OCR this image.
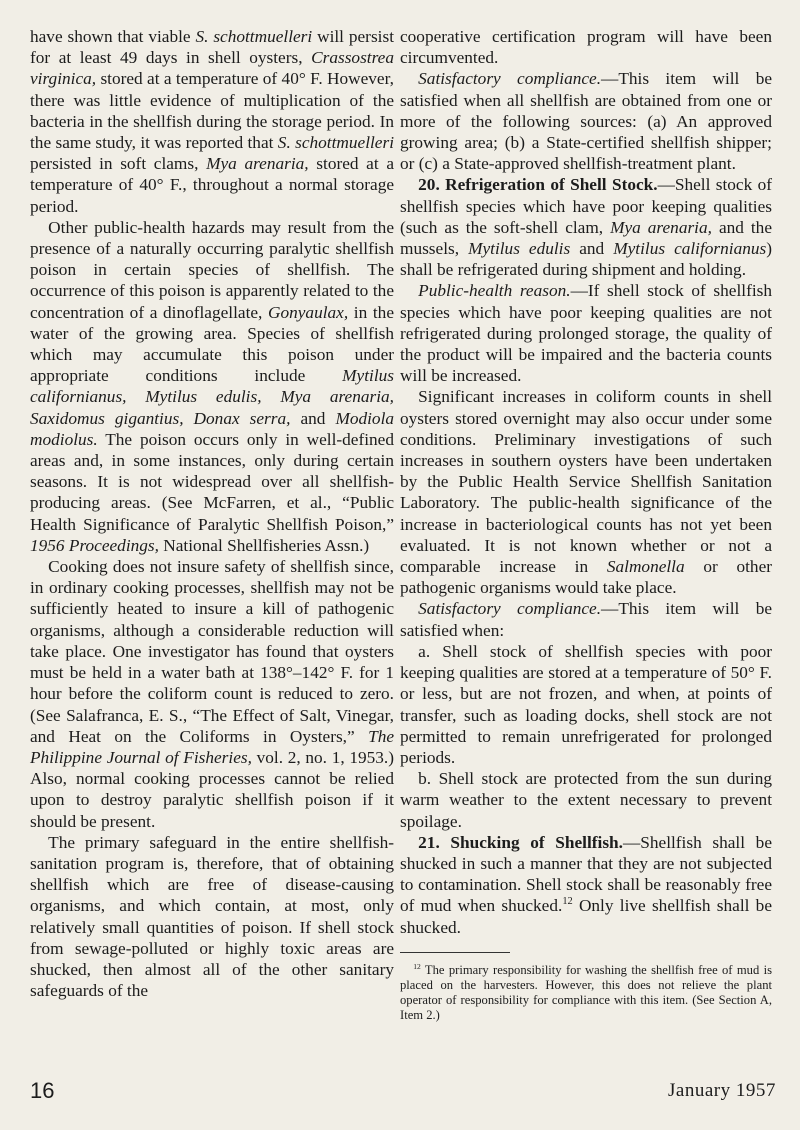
have shown that viable S. schottmuelleri will persist for at least 49 days in shell oysters, Crassostrea virginica, stored at a temperature of 40° F. However, there was little evidence of multiplication of the bacteria in the shellfish during the storage period. In the same study, it was reported that S. schottmuelleri persisted in soft clams, Mya arenaria, stored at a temperature of 40° F., throughout a normal storage period.

Other public-health hazards may result from the presence of a naturally occurring paralytic shellfish poison in certain species of shellfish. The occurrence of this poison is apparently related to the concentration of a dinoflagellate, Gonyaulax, in the water of the growing area. Species of shellfish which may accumulate this poison under appropriate conditions include Mytilus californianus, Mytilus edulis, Mya arenaria, Saxidomus gigantius, Donax serra, and Modiola modiolus. The poison occurs only in well-defined areas and, in some instances, only during certain seasons. It is not widespread over all shellfish-producing areas. (See McFarren, et al., “Public Health Significance of Paralytic Shellfish Poison,” 1956 Proceedings, National Shellfisheries Assn.)

Cooking does not insure safety of shellfish since, in ordinary cooking processes, shellfish may not be sufficiently heated to insure a kill of pathogenic organisms, although a considerable reduction will take place. One investigator has found that oysters must be held in a water bath at 138°–142° F. for 1 hour before the coliform count is reduced to zero. (See Salafranca, E. S., “The Effect of Salt, Vinegar, and Heat on the Coliforms in Oysters,” The Philippine Journal of Fisheries, vol. 2, no. 1, 1953.) Also, normal cooking processes cannot be relied upon to destroy paralytic shellfish poison if it should be present.

The primary safeguard in the entire shellfish-sanitation program is, therefore, that of obtaining shellfish which are free of disease-causing organisms, and which contain, at most, only relatively small quantities of poison. If shell stock from sewage-polluted or highly toxic areas are shucked, then almost all of the other sanitary safeguards of the

cooperative certification program will have been circumvented.

Satisfactory compliance.—This item will be satisfied when all shellfish are obtained from one or more of the following sources: (a) An approved growing area; (b) a State-certified shellfish shipper; or (c) a State-approved shellfish-treatment plant.

20. Refrigeration of Shell Stock.—Shell stock of shellfish species which have poor keeping qualities (such as the soft-shell clam, Mya arenaria, and the mussels, Mytilus edulis and Mytilus californianus) shall be refrigerated during shipment and holding.

Public-health reason.—If shell stock of shellfish species which have poor keeping qualities are not refrigerated during prolonged storage, the quality of the product will be impaired and the bacteria counts will be increased.

Significant increases in coliform counts in shell oysters stored overnight may also occur under some conditions. Preliminary investigations of such increases in southern oysters have been undertaken by the Public Health Service Shellfish Sanitation Laboratory. The public-health significance of the increase in bacteriological counts has not yet been evaluated. It is not known whether or not a comparable increase in Salmonella or other pathogenic organisms would take place.

Satisfactory compliance.—This item will be satisfied when:

a. Shell stock of shellfish species with poor keeping qualities are stored at a temperature of 50° F. or less, but are not frozen, and when, at points of transfer, such as loading docks, shell stock are not permitted to remain unrefrigerated for prolonged periods.

b. Shell stock are protected from the sun during warm weather to the extent necessary to prevent spoilage.

21. Shucking of Shellfish.—Shellfish shall be shucked in such a manner that they are not subjected to contamination. Shell stock shall be reasonably free of mud when shucked.$^{12}$ Only live shellfish shall be shucked.

$^{12}$ The primary responsibility for washing the shellfish free of mud is placed on the harvesters. However, this does not relieve the plant operator of responsibility for compliance with this item. (See Section A, Item 2.)

16	January 1957
